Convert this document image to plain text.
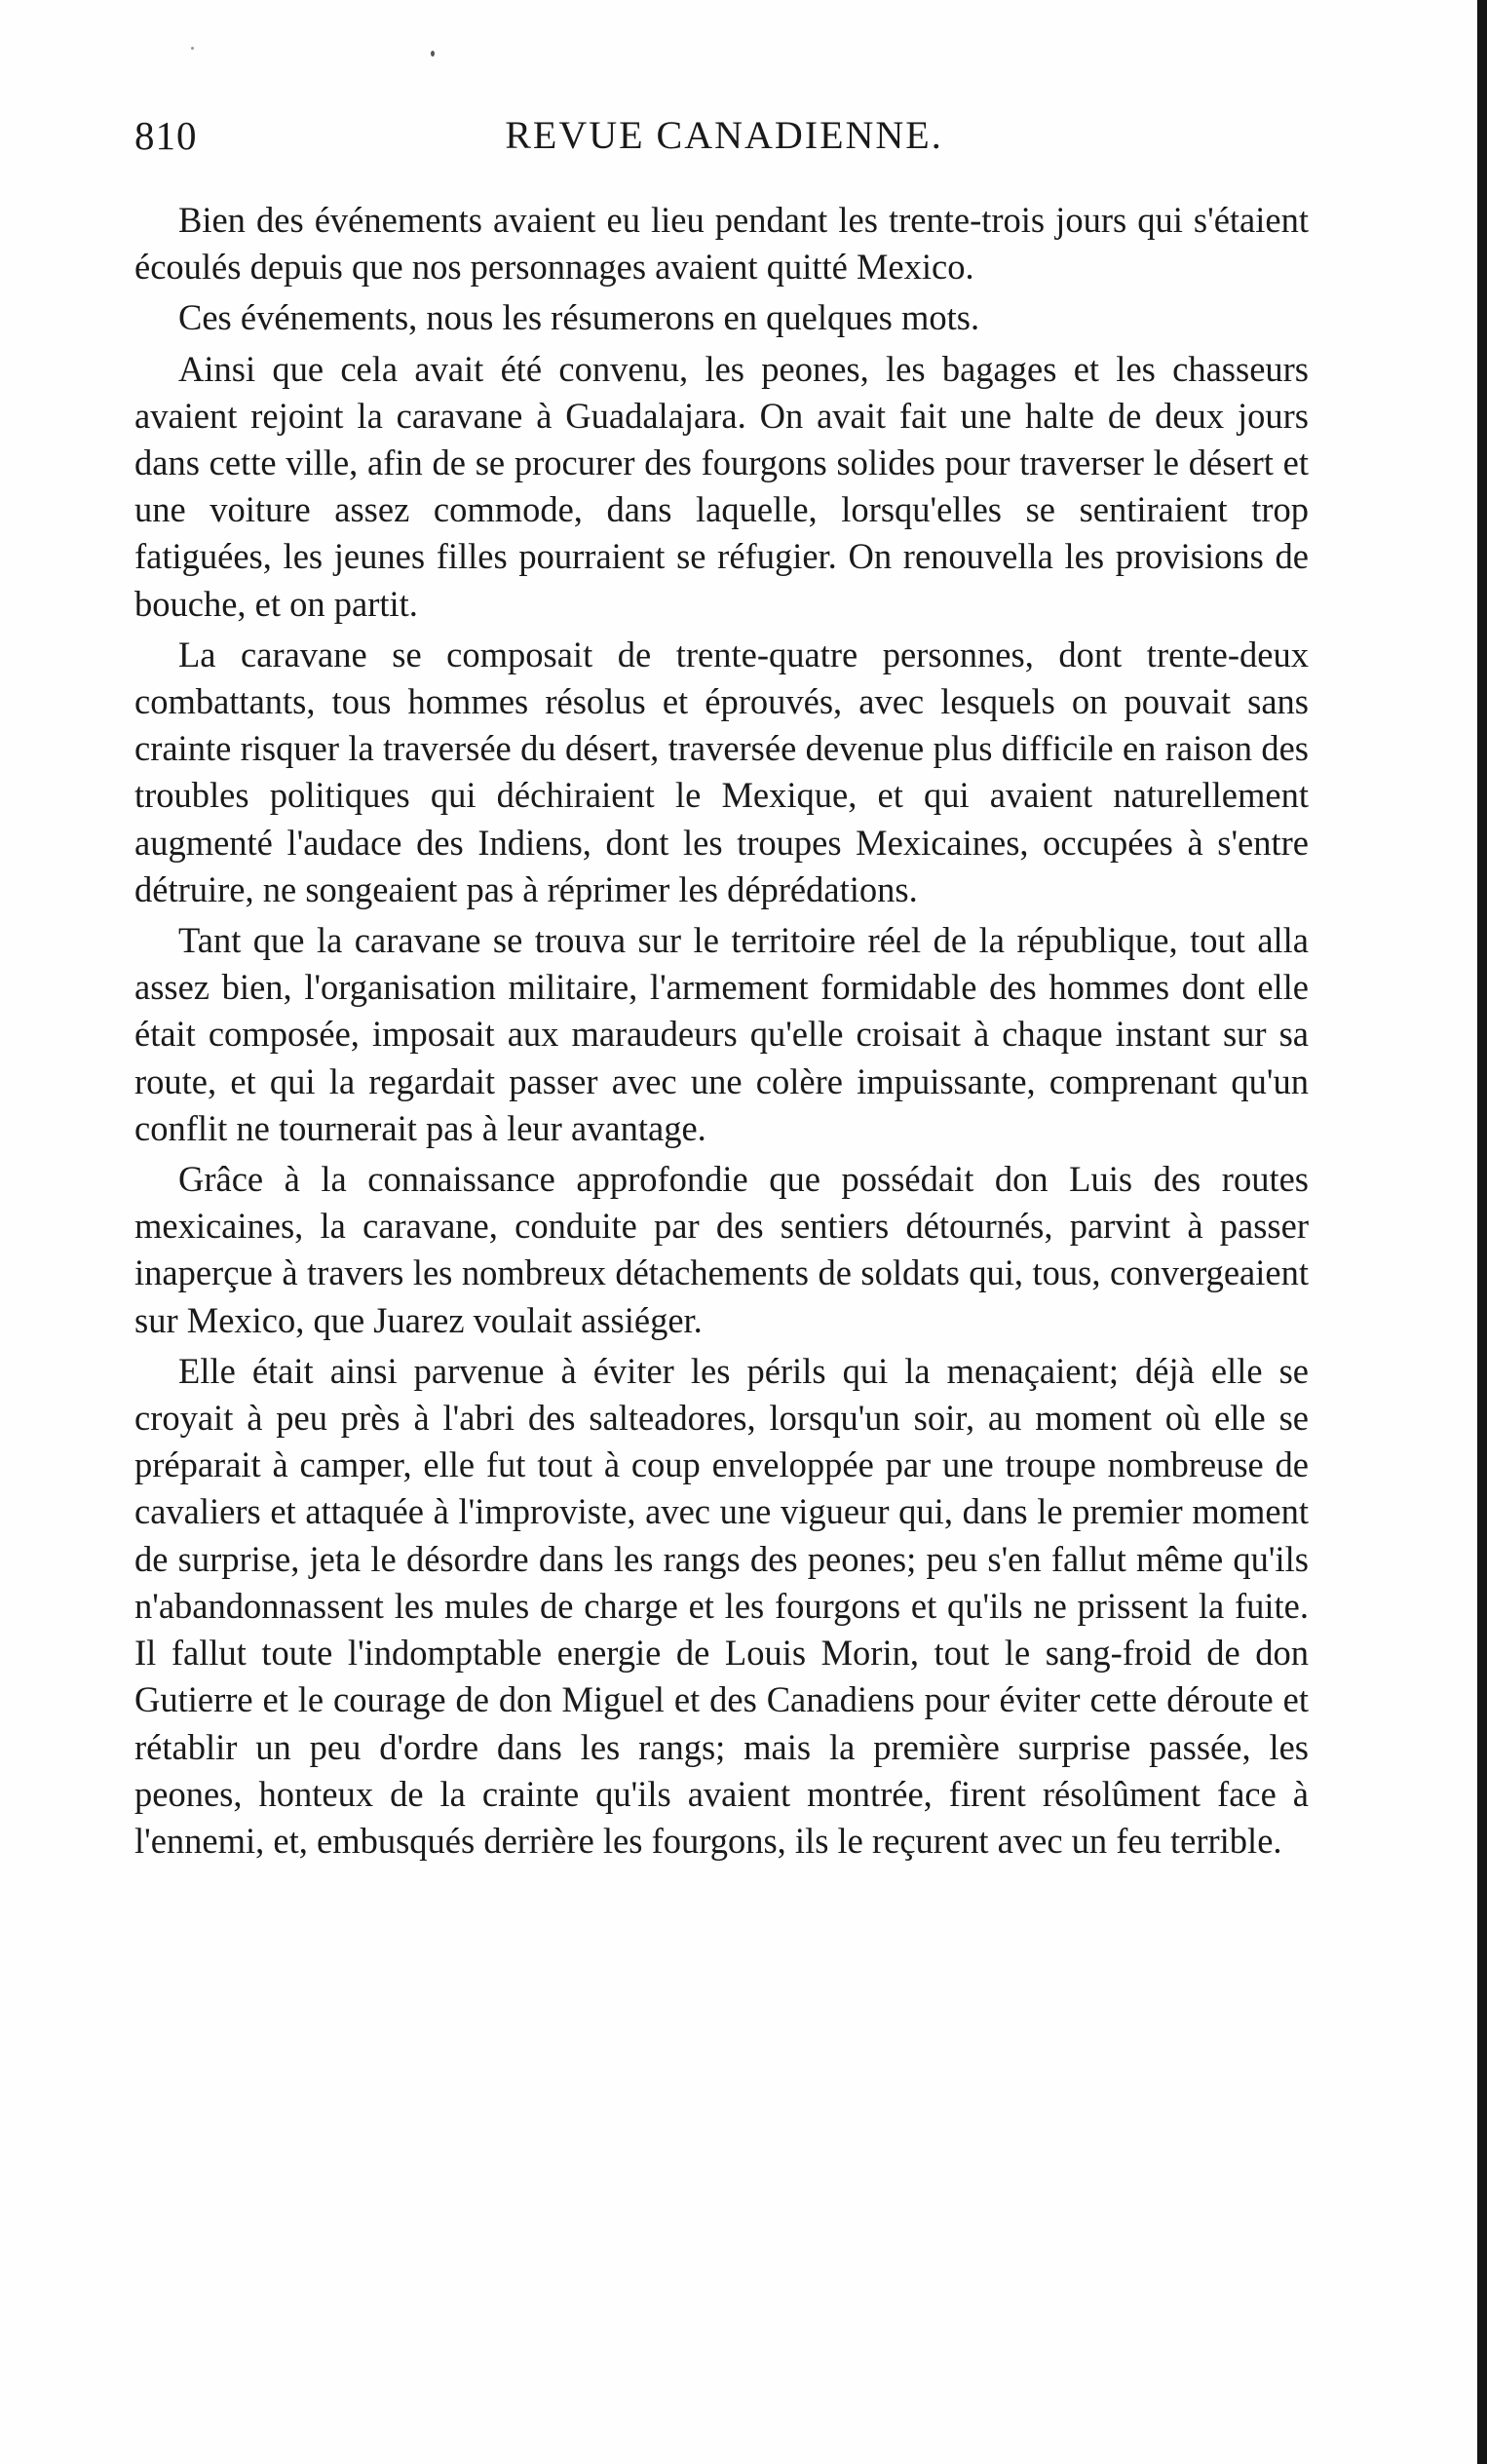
810	REVUE CANADIENNE.

Bien des événements avaient eu lieu pendant les trente-trois jours qui s'étaient écoulés depuis que nos personnages avaient quitté Mexico.

Ces événements, nous les résumerons en quelques mots.

Ainsi que cela avait été convenu, les peones, les bagages et les chasseurs avaient rejoint la caravane à Guadalajara. On avait fait une halte de deux jours dans cette ville, afin de se procurer des fourgons solides pour traverser le désert et une voiture assez commode, dans laquelle, lorsqu'elles se sentiraient trop fatiguées, les jeunes filles pourraient se réfugier. On renouvella les provisions de bouche, et on partit.

La caravane se composait de trente-quatre personnes, dont trente-deux combattants, tous hommes résolus et éprouvés, avec lesquels on pouvait sans crainte risquer la traversée du désert, traversée devenue plus difficile en raison des troubles politiques qui déchiraient le Mexique, et qui avaient naturellement augmenté l'audace des Indiens, dont les troupes Mexicaines, occupées à s'entre détruire, ne songeaient pas à réprimer les déprédations.

Tant que la caravane se trouva sur le territoire réel de la république, tout alla assez bien, l'organisation militaire, l'armement formidable des hommes dont elle était composée, imposait aux maraudeurs qu'elle croisait à chaque instant sur sa route, et qui la regardait passer avec une colère impuissante, comprenant qu'un conflit ne tournerait pas à leur avantage.

Grâce à la connaissance approfondie que possédait don Luis des routes mexicaines, la caravane, conduite par des sentiers détournés, parvint à passer inaperçue à travers les nombreux détachements de soldats qui, tous, convergeaient sur Mexico, que Juarez voulait assiéger.

Elle était ainsi parvenue à éviter les périls qui la menaçaient; déjà elle se croyait à peu près à l'abri des salteadores, lorsqu'un soir, au moment où elle se préparait à camper, elle fut tout à coup enveloppée par une troupe nombreuse de cavaliers et attaquée à l'improviste, avec une vigueur qui, dans le premier moment de surprise, jeta le désordre dans les rangs des peones; peu s'en fallut même qu'ils n'abandonnassent les mules de charge et les fourgons et qu'ils ne prissent la fuite. Il fallut toute l'indomptable energie de Louis Morin, tout le sang-froid de don Gutierre et le courage de don Miguel et des Canadiens pour éviter cette déroute et rétablir un peu d'ordre dans les rangs; mais la première surprise passée, les peones, honteux de la crainte qu'ils avaient montrée, firent résolûment face à l'ennemi, et, embusqués derrière les fourgons, ils le reçurent avec un feu terrible.
